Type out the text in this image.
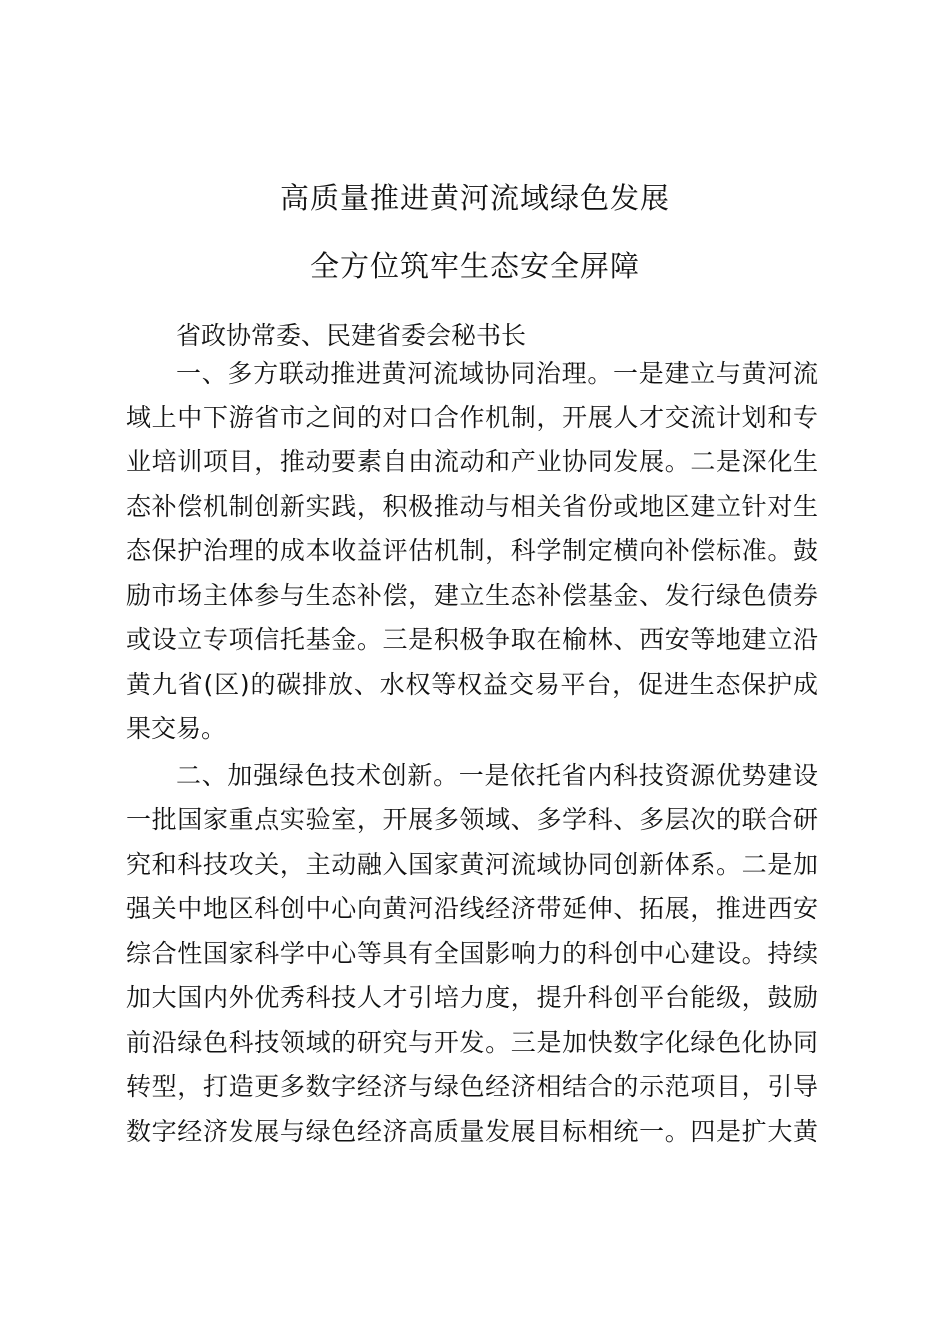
高质量推进黄河流域绿色发展
全方位筑牢生态安全屏障
省政协常委、民建省委会秘书长
一、多方联动推进黄河流域协同治理。一是建立与黄河流
域上中下游省市之间的对口合作机制，开展人才交流计划和专
业培训项目，推动要素自由流动和产业协同发展。二是深化生
态补偿机制创新实践，积极推动与相关省份或地区建立针对生
态保护治理的成本收益评估机制，科学制定横向补偿标准。鼓
励市场主体参与生态补偿，建立生态补偿基金、发行绿色债券
或设立专项信托基金。三是积极争取在榆林、西安等地建立沿
黄九省(区)的碳排放、水权等权益交易平台，促进生态保护成
果交易。
二、加强绿色技术创新。一是依托省内科技资源优势建设
一批国家重点实验室，开展多领域、多学科、多层次的联合研
究和科技攻关，主动融入国家黄河流域协同创新体系。二是加
强关中地区科创中心向黄河沿线经济带延伸、拓展，推进西安
综合性国家科学中心等具有全国影响力的科创中心建设。持续
加大国内外优秀科技人才引培力度，提升科创平台能级，鼓励
前沿绿色科技领域的研究与开发。三是加快数字化绿色化协同
转型，打造更多数字经济与绿色经济相结合的示范项目，引导
数字经济发展与绿色经济高质量发展目标相统一。四是扩大黄
